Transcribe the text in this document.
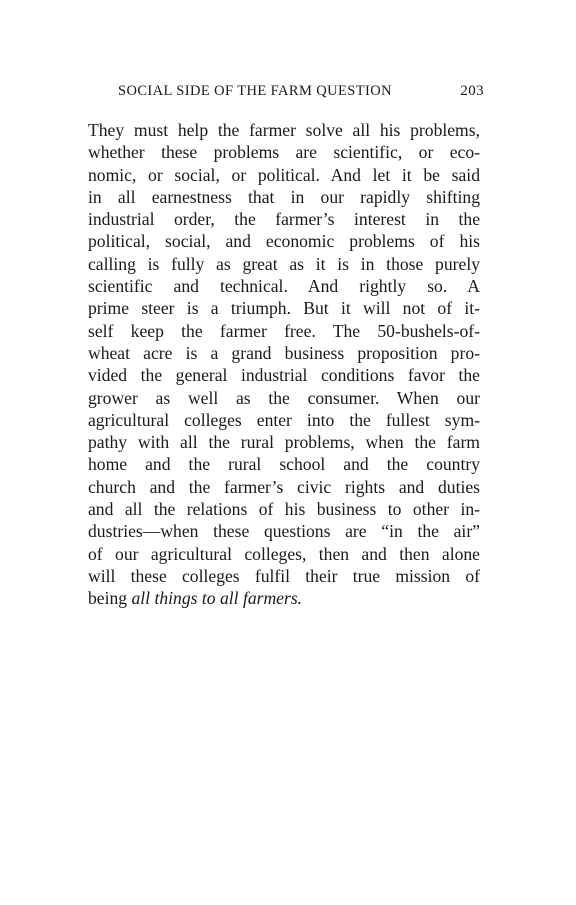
SOCIAL SIDE OF THE FARM QUESTION	203
They must help the farmer solve all his problems,
whether these problems are scientific, or eco-
nomic, or social, or political. And let it be said
in all earnestness that in our rapidly shifting
industrial order, the farmer’s interest in the
political, social, and economic problems of his
calling is fully as great as it is in those purely
scientific and technical. And rightly so. A
prime steer is a triumph. But it will not of it-
self keep the farmer free. The 50-bushels-of-
wheat acre is a grand business proposition pro-
vided the general industrial conditions favor the
grower as well as the consumer. When our
agricultural colleges enter into the fullest sym-
pathy with all the rural problems, when the farm
home and the rural school and the country
church and the farmer’s civic rights and duties
and all the relations of his business to other in-
dustries—when these questions are “in the air”
of our agricultural colleges, then and then alone
will these colleges fulfil their true mission of
being all things to all farmers.
